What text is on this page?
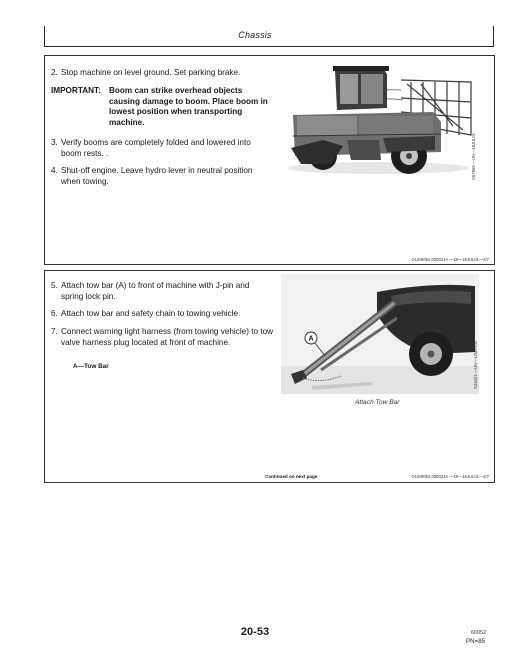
Chassis
2. Stop machine on level ground. Set parking brake.
IMPORTANT: Boom can strike overhead objects causing damage to boom. Place boom in lowest position when transporting machine.
3. Verify booms are completely folded and lowered into boom rests. .
4. Shut-off engine. Leave hydro lever in neutral position when towing.
N57969 —UN—18JUL01
OUO6052,000023A —19—18JUL01—2/7
5. Attach tow bar (A) to front of machine with J-pin and spring lock pin.
6. Attach tow bar and safety chain to towing vehicle.
7. Connect warning light harness (from towing vehicle) to tow valve harness plug located at front of machine.
A—Tow Bar
A
N44421 —UN—12MAY02
Attach Tow Bar
Continued on next page	OUO6052,000023A —19—18JUL01—3/7
20-53	60052
PN=85
